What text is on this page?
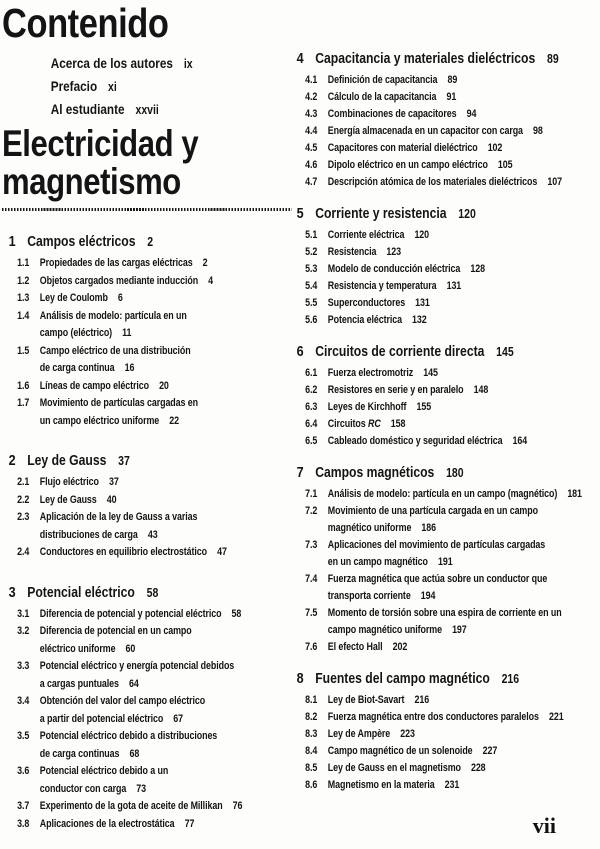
Contenido
Acerca de los autores ix
Prefacio xi
Al estudiante xxvii
Electricidad y
magnetismo
1 Campos eléctricos 2
1.1 Propiedades de las cargas eléctricas 2
1.2 Objetos cargados mediante inducción 4
1.3 Ley de Coulomb 6
1.4 Análisis de modelo: partícula en un
campo (eléctrico) 11
1.5 Campo eléctrico de una distribución
de carga continua 16
1.6 Líneas de campo eléctrico 20
1.7 Movimiento de partículas cargadas en
un campo eléctrico uniforme 22
2 Ley de Gauss 37
2.1 Flujo eléctrico 37
2.2 Ley de Gauss 40
2.3 Aplicación de la ley de Gauss a varias
distribuciones de carga 43
2.4 Conductores en equilibrio electrostático 47
3 Potencial eléctrico 58
3.1 Diferencia de potencial y potencial eléctrico 58
3.2 Diferencia de potencial en un campo
eléctrico uniforme 60
3.3 Potencial eléctrico y energía potencial debidos
a cargas puntuales 64
3.4 Obtención del valor del campo eléctrico
a partir del potencial eléctrico 67
3.5 Potencial eléctrico debido a distribuciones
de carga continuas 68
3.6 Potencial eléctrico debido a un
conductor con carga 73
3.7 Experimento de la gota de aceite de Millikan 76
3.8 Aplicaciones de la electrostática 77
4 Capacitancia y materiales dieléctricos 89
4.1 Definición de capacitancia 89
4.2 Cálculo de la capacitancia 91
4.3 Combinaciones de capacitores 94
4.4 Energía almacenada en un capacitor con carga 98
4.5 Capacitores con material dieléctrico 102
4.6 Dipolo eléctrico en un campo eléctrico 105
4.7 Descripción atómica de los materiales dieléctricos 107
5 Corriente y resistencia 120
5.1 Corriente eléctrica 120
5.2 Resistencia 123
5.3 Modelo de conducción eléctrica 128
5.4 Resistencia y temperatura 131
5.5 Superconductores 131
5.6 Potencia eléctrica 132
6 Circuitos de corriente directa 145
6.1 Fuerza electromotriz 145
6.2 Resistores en serie y en paralelo 148
6.3 Leyes de Kirchhoff 155
6.4 Circuitos RC 158
6.5 Cableado doméstico y seguridad eléctrica 164
7 Campos magnéticos 180
7.1 Análisis de modelo: partícula en un campo (magnético) 181
7.2 Movimiento de una partícula cargada en un campo
magnético uniforme 186
7.3 Aplicaciones del movimiento de partículas cargadas
en un campo magnético 191
7.4 Fuerza magnética que actúa sobre un conductor que
transporta corriente 194
7.5 Momento de torsión sobre una espira de corriente en un
campo magnético uniforme 197
7.6 El efecto Hall 202
8 Fuentes del campo magnético 216
8.1 Ley de Biot-Savart 216
8.2 Fuerza magnética entre dos conductores paralelos 221
8.3 Ley de Ampère 223
8.4 Campo magnético de un solenoide 227
8.5 Ley de Gauss en el magnetismo 228
8.6 Magnetismo en la materia 231
vii
